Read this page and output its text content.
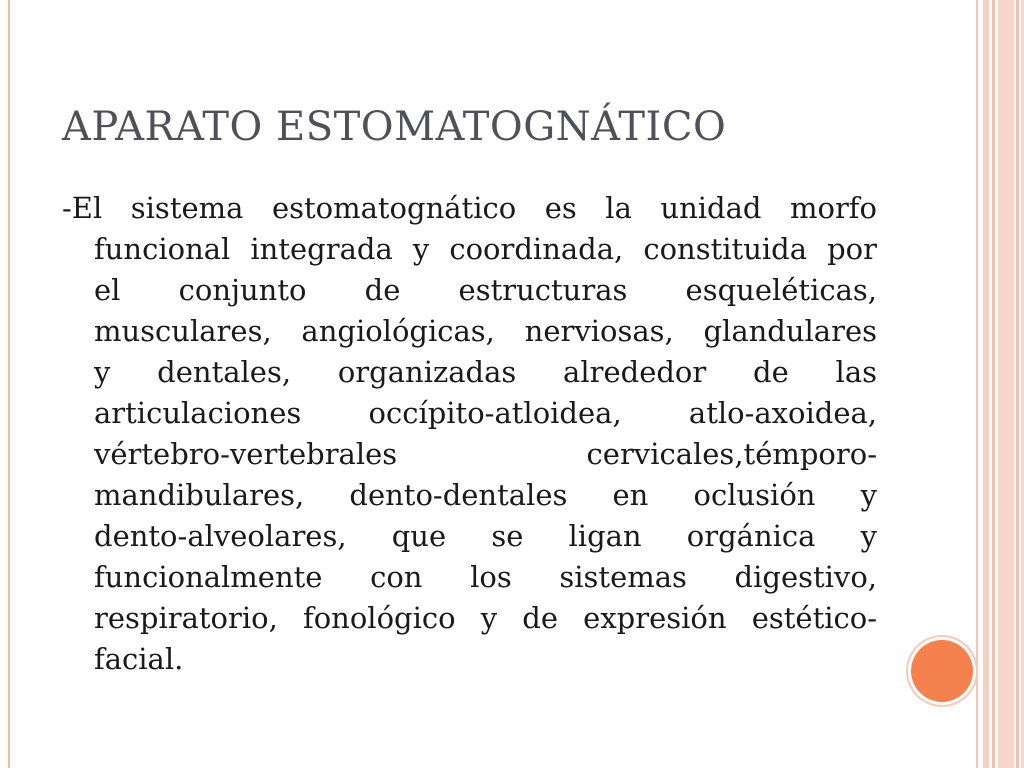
APARATO ESTOMATOGNÁTICO
-El sistema estomatognático es la unidad morfo
funcional integrada y coordinada, constituida por
el conjunto de estructuras esqueléticas,
musculares, angiológicas, nerviosas, glandulares
y dentales, organizadas alrededor de las
articulaciones occípito-atloidea, atlo-axoidea,
vértebro-vertebrales cervicales,témporo-
mandibulares, dento-dentales en oclusión y
dento-alveolares, que se ligan orgánica y
funcionalmente con los sistemas digestivo,
respiratorio, fonológico y de expresión estético-
facial.
